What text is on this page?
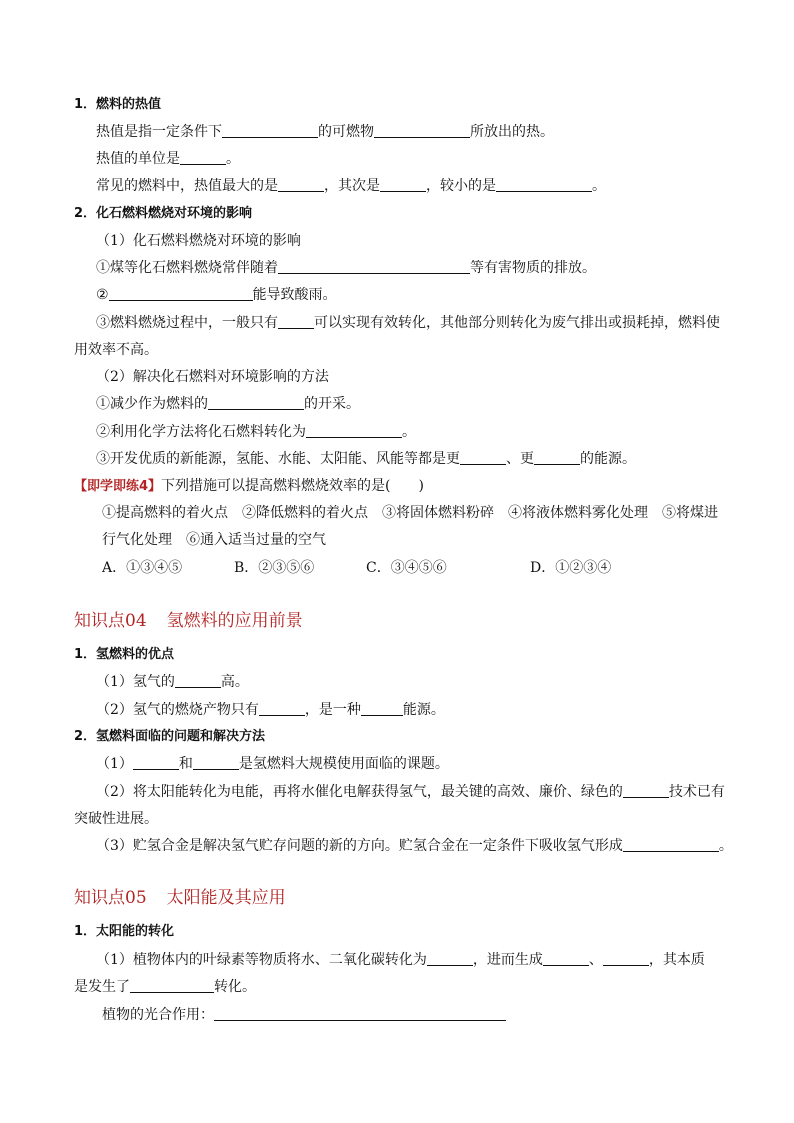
1．燃料的热值
热值是指一定条件下	的可燃物	所放出的热。
热值的单位是	。
常见的燃料中，热值最大的是	，其次是	，较小的是	。
2．化石燃料燃烧对环境的影响
（1）化石燃料燃烧对环境的影响
①煤等化石燃料燃烧常伴随着	等有害物质的排放。
②	能导致酸雨。
③燃料燃烧过程中，一般只有	可以实现有效转化，其他部分则转化为废气排出或损耗掉，燃料使
用效率不高。
（2）解决化石燃料对环境影响的方法
①减少作为燃料的	的开采。
②利用化学方法将化石燃料转化为	。
③开发优质的新能源，氢能、水能、太阳能、风能等都是更	、更	的能源。
【即学即练4】下列措施可以提高燃料燃烧效率的是(　　)
①提高燃料的着火点　②降低燃料的着火点　③将固体燃料粉碎　④将液体燃料雾化处理　⑤将煤进
行气化处理　⑥通入适当过量的空气
A．①③④⑤	B．②③⑤⑥	C．③④⑤⑥	D．①②③④
知识点04 氢燃料的应用前景
1．氢燃料的优点
（1）氢气的	高。
（2）氢气的燃烧产物只有	，是一种	能源。
2．氢燃料面临的问题和解决方法
（1）	和	是氢燃料大规模使用面临的课题。
（2）将太阳能转化为电能，再将水催化电解获得氢气，最关键的高效、廉价、绿色的	技术已有
突破性进展。
（3）贮氢合金是解决氢气贮存问题的新的方向。贮氢合金在一定条件下吸收氢气形成	。
知识点05 太阳能及其应用
1．太阳能的转化
（1）植物体内的叶绿素等物质将水、二氧化碳转化为	，进而生成	、	，其本质
是发生了	转化。
植物的光合作用：
